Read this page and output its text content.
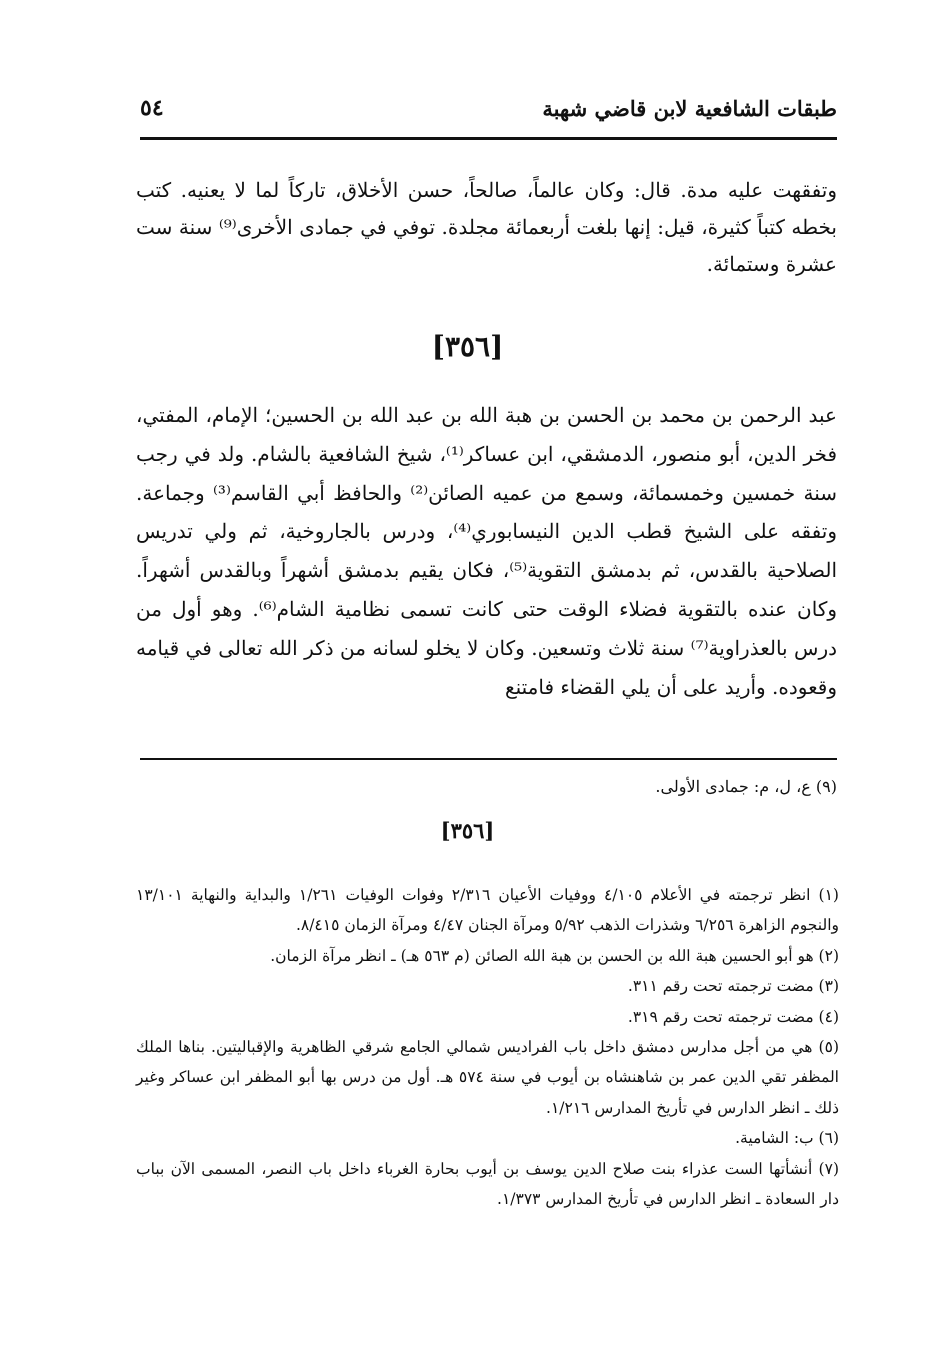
طبقات الشافعية لابن قاضي شهبة
٥٤

وتفقهت عليه مدة. قال: وكان عالماً، صالحاً، حسن الأخلاق، تاركاً لما لا يعنيه. كتب بخطه كتباً كثيرة، قيل: إنها بلغت أربعمائة مجلدة. توفي في جمادى الأخرى⁽⁹⁾ سنة ست عشرة وستمائة.

[٣٥٦]

عبد الرحمن بن محمد بن الحسن بن هبة الله بن عبد الله بن الحسين؛ الإمام، المفتي، فخر الدين، أبو منصور، الدمشقي، ابن عساكر⁽¹⁾، شيخ الشافعية بالشام. ولد في رجب سنة خمسين وخمسمائة، وسمع من عميه الصائن⁽²⁾ والحافظ أبي القاسم⁽³⁾ وجماعة. وتفقه على الشيخ قطب الدين النيسابوري⁽⁴⁾، ودرس بالجاروخية، ثم ولي تدريس الصلاحية بالقدس، ثم بدمشق التقوية⁽⁵⁾، فكان يقيم بدمشق أشهراً وبالقدس أشهراً. وكان عنده بالتقوية فضلاء الوقت حتى كانت تسمى نظامية الشام⁽⁶⁾. وهو أول من درس بالعذراوية⁽⁷⁾ سنة ثلاث وتسعين. وكان لا يخلو لسانه من ذكر الله تعالى في قيامه وقعوده. وأريد على أن يلي القضاء فامتنع

(٩) ع، ل، م: جمادى الأولى.
[٣٥٦]

(١) انظر ترجمته في الأعلام ٤/١٠٥ ووفيات الأعيان ٢/٣١٦ وفوات الوفيات ١/٢٦١ والبداية والنهاية ١٣/١٠١ والنجوم الزاهرة ٦/٢٥٦ وشذرات الذهب ٥/٩٢ ومرآة الجنان ٤/٤٧ ومرآة الزمان ٨/٤١٥.

(٢) هو أبو الحسين هبة الله بن الحسن بن هبة الله الصائن (م ٥٦٣ هـ) ـ انظر مرآة الزمان.

(٣) مضت ترجمته تحت رقم ٣١١.

(٤) مضت ترجمته تحت رقم ٣١٩.

(٥) هي من أجل مدارس دمشق داخل باب الفراديس شمالي الجامع شرقي الظاهرية والإقباليتين. بناها الملك المظفر تقي الدين عمر بن شاهنشاه بن أيوب في سنة ٥٧٤ هـ. أول من درس بها أبو المظفر ابن عساكر وغير ذلك ـ انظر الدارس في تأريخ المدارس ١/٢١٦.

(٦) ب: الشامية.

(٧) أنشأتها الست عذراء بنت صلاح الدين يوسف بن أيوب بحارة الغرباء داخل باب النصر، المسمى الآن بباب دار السعادة ـ انظر الدارس في تأريخ المدارس ١/٣٧٣.
